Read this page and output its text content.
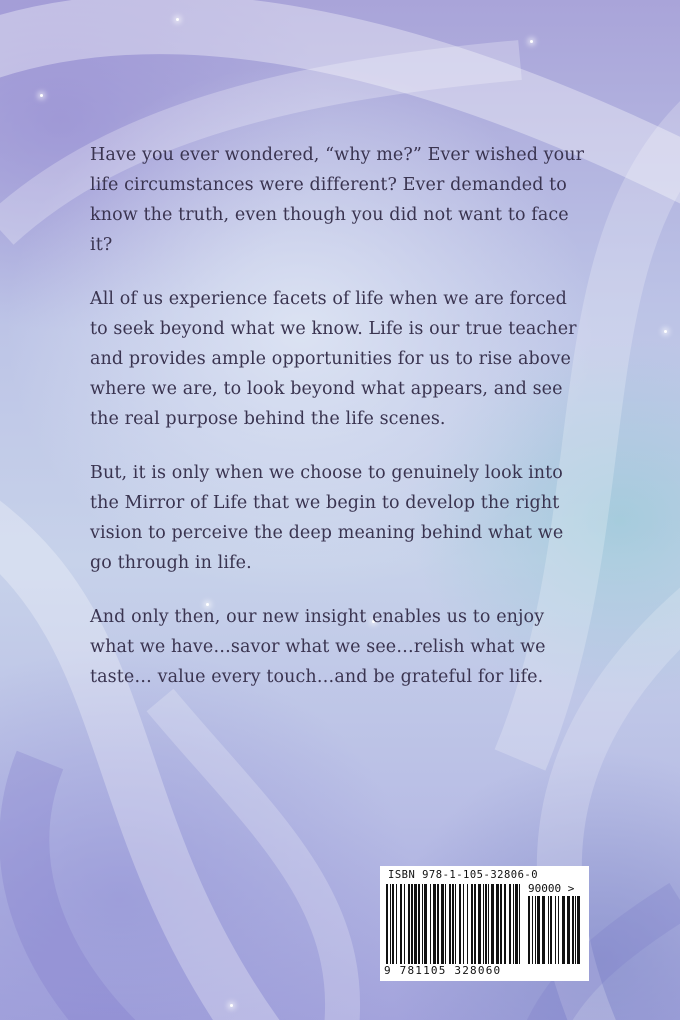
Have you ever wondered, “why me?” Ever wished your life circumstances were different? Ever demanded to know the truth, even though you did not want to face it?

All of us experience facets of life when we are forced to seek beyond what we know. Life is our true teacher and provides ample opportunities for us to rise above where we are, to look beyond what appears, and see the real purpose behind the life scenes.

But, it is only when we choose to genuinely look into the Mirror of Life that we begin to develop the right vision to perceive the deep meaning behind what we go through in life.

And only then, our new insight enables us to enjoy what we have…savor what we see…relish what we taste… value every touch…and be grateful for life.

ISBN 978-1-105-32806-0
90000 >
9 781105 328060
